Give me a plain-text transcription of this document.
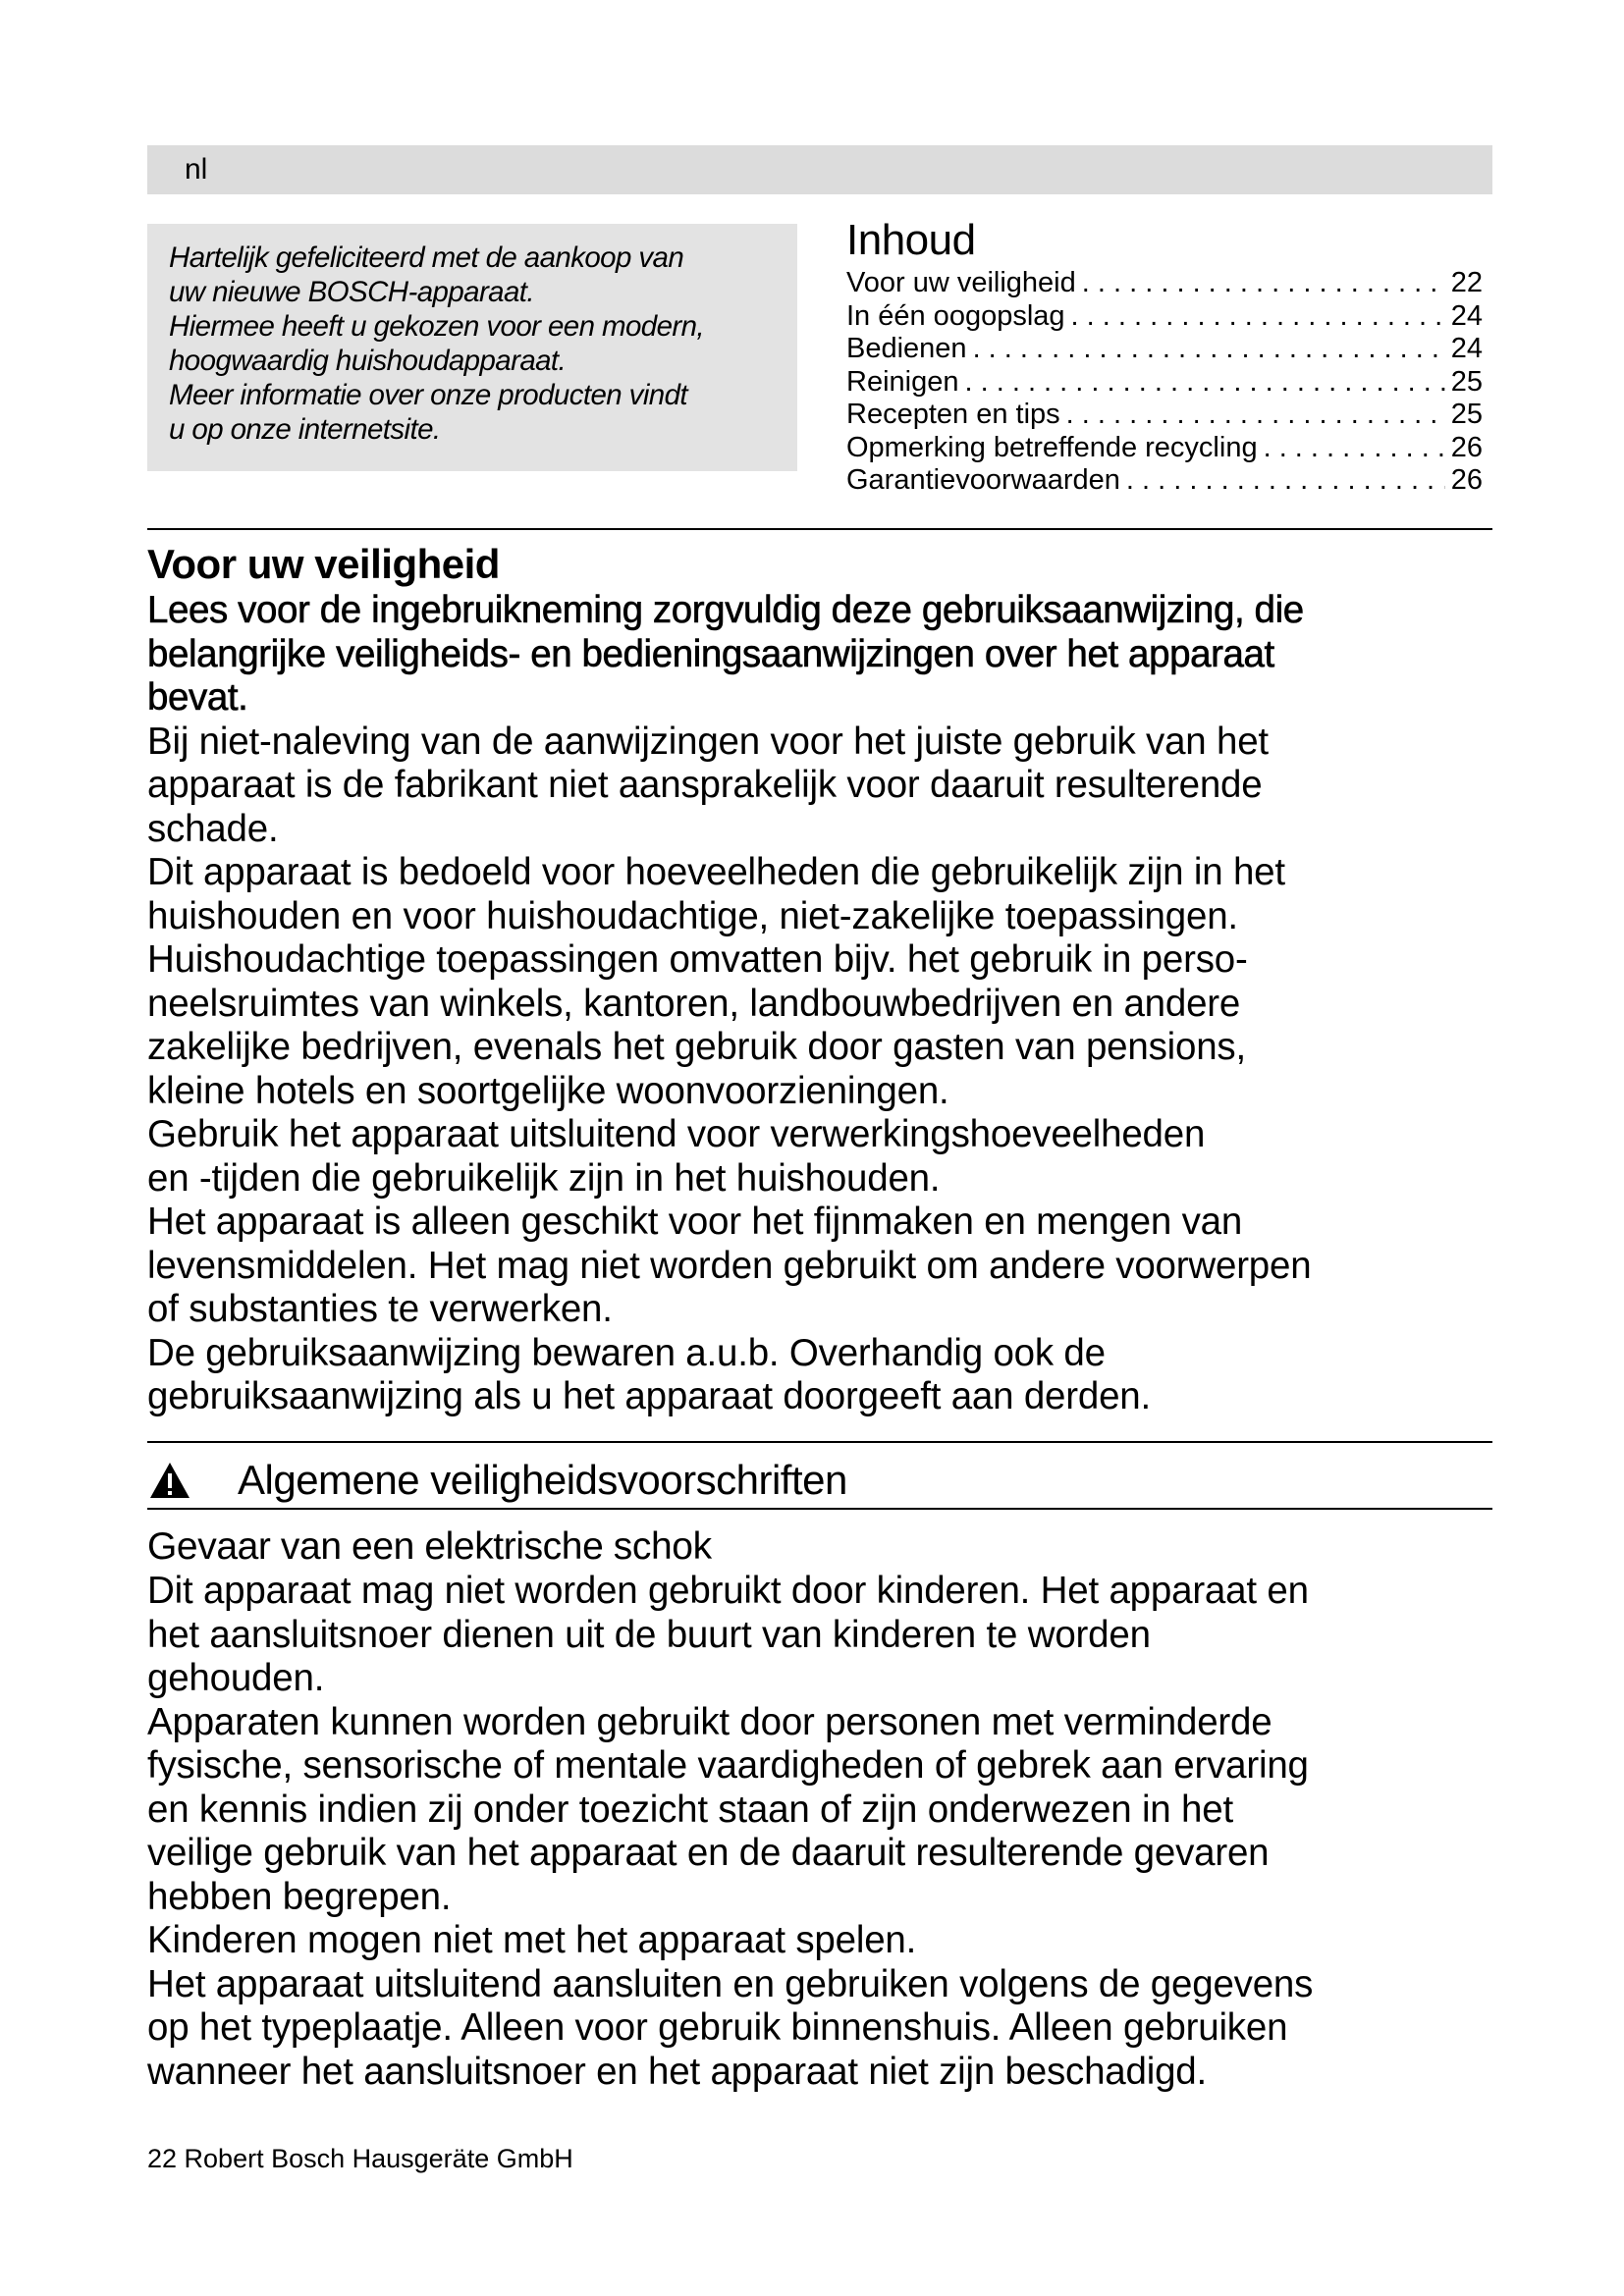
nl

Hartelijk gefeliciteerd met de aankoop van

uw nieuwe BOSCH-apparaat.

Hiermee heeft u gekozen voor een modern,

hoogwaardig huishoudapparaat.

Meer informatie over onze producten vindt

u op onze internetsite.

Inhoud
Voor uw veiligheid . . .	22
In één oogopslag . . .	24
Bedienen . . .	24
Reinigen . . .	25
Recepten en tips . . .	25
Opmerking betreffende recycling . . .	26
Garantievoorwaarden . . .	26
Voor uw veiligheid

Lees voor de ingebruikneming zorgvuldig deze gebruiksaanwijzing, die

belangrijke veiligheids- en bedieningsaanwijzingen over het apparaat

bevat.

Bij niet-naleving van de aanwijzingen voor het juiste gebruik van het

apparaat is de fabrikant niet aansprakelijk voor daaruit resulterende

schade.

Dit apparaat is bedoeld voor hoeveelheden die gebruikelijk zijn in het

huishouden en voor huishoudachtige, niet-zakelijke toepassingen.

Huishoudachtige toepassingen omvatten bijv. het gebruik in perso-

neelsruimtes van winkels, kantoren, landbouwbedrijven en andere

zakelijke bedrijven, evenals het gebruik door gasten van pensions,

kleine hotels en soortgelijke woonvoorzieningen.

Gebruik het apparaat uitsluitend voor verwerkingshoeveelheden

en -tijden die gebruikelijk zijn in het huishouden.

Het apparaat is alleen geschikt voor het fijnmaken en mengen van

levensmiddelen. Het mag niet worden gebruikt om andere voorwerpen

of substanties te verwerken.

De gebruiksaanwijzing bewaren a.u.b. Overhandig ook de

gebruiksaanwijzing als u het apparaat doorgeeft aan derden.

Algemene veiligheidsvoorschriften

Gevaar van een elektrische schok

Dit apparaat mag niet worden gebruikt door kinderen. Het apparaat en

het aansluitsnoer dienen uit de buurt van kinderen te worden

gehouden.

Apparaten kunnen worden gebruikt door personen met verminderde

fysische, sensorische of mentale vaardigheden of gebrek aan ervaring

en kennis indien zij onder toezicht staan of zijn onderwezen in het

veilige gebruik van het apparaat en de daaruit resulterende gevaren

hebben begrepen.

Kinderen mogen niet met het apparaat spelen.

Het apparaat uitsluitend aansluiten en gebruiken volgens de gegevens

op het typeplaatje. Alleen voor gebruik binnenshuis. Alleen gebruiken

wanneer het aansluitsnoer en het apparaat niet zijn beschadigd.

22 Robert Bosch Hausgeräte GmbH
